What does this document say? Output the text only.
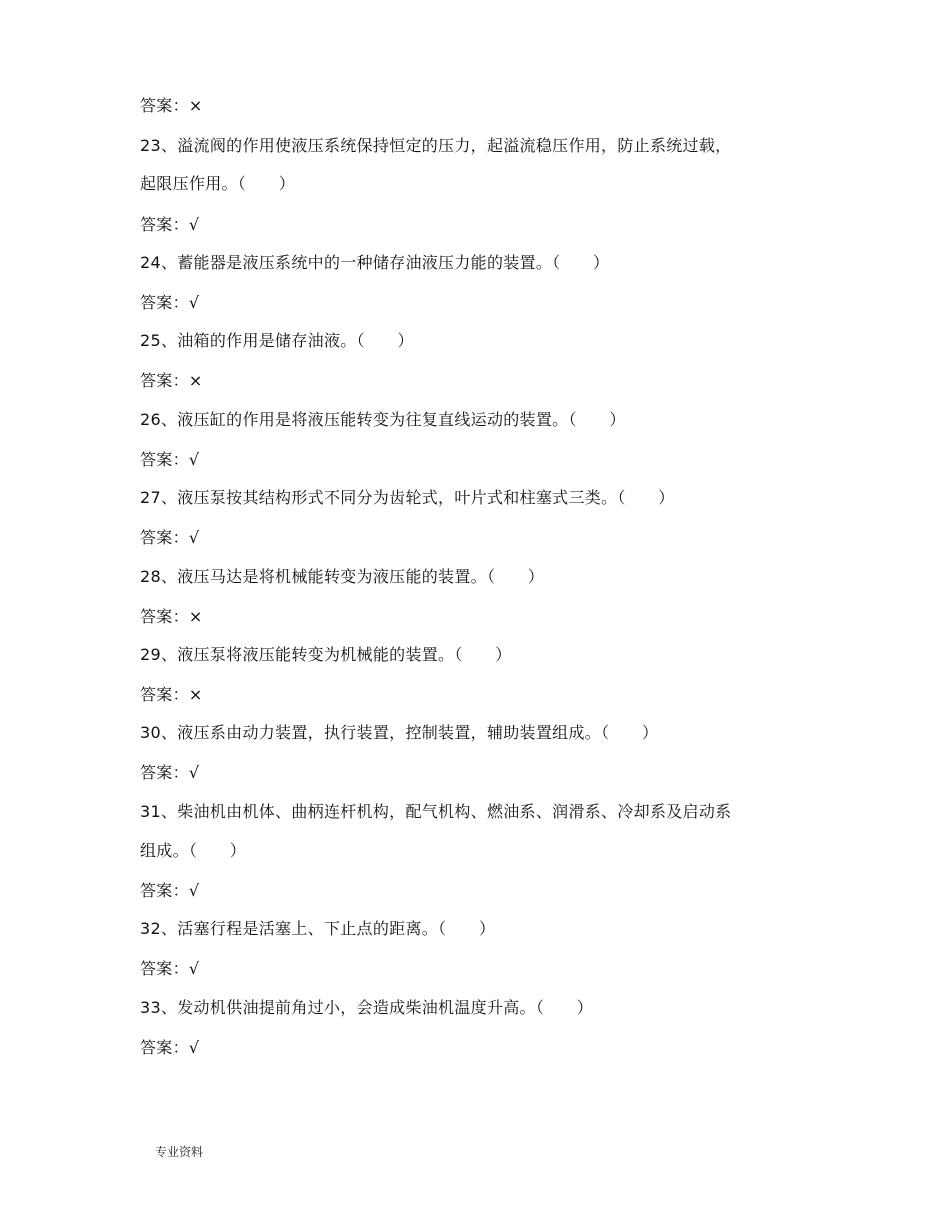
答案：×
23、溢流阀的作用使液压系统保持恒定的压力，起溢流稳压作用，防止系统过载，
起限压作用。（　　）
答案：√
24、蓄能器是液压系统中的一种储存油液压力能的装置。（　　）
答案：√
25、油箱的作用是储存油液。（　　）
答案：×
26、液压缸的作用是将液压能转变为往复直线运动的装置。（　　）
答案：√
27、液压泵按其结构形式不同分为齿轮式，叶片式和柱塞式三类。（　　）
答案：√
28、液压马达是将机械能转变为液压能的装置。（　　）
答案：×
29、液压泵将液压能转变为机械能的装置。（　　）
答案：×
30、液压系由动力装置，执行装置，控制装置，辅助装置组成。（　　）
答案：√
31、柴油机由机体、曲柄连杆机构，配气机构、燃油系、润滑系、冷却系及启动系
组成。（　　）
答案：√
32、活塞行程是活塞上、下止点的距离。（　　）
答案：√
33、发动机供油提前角过小，会造成柴油机温度升高。（　　）
答案：√
专业资料
